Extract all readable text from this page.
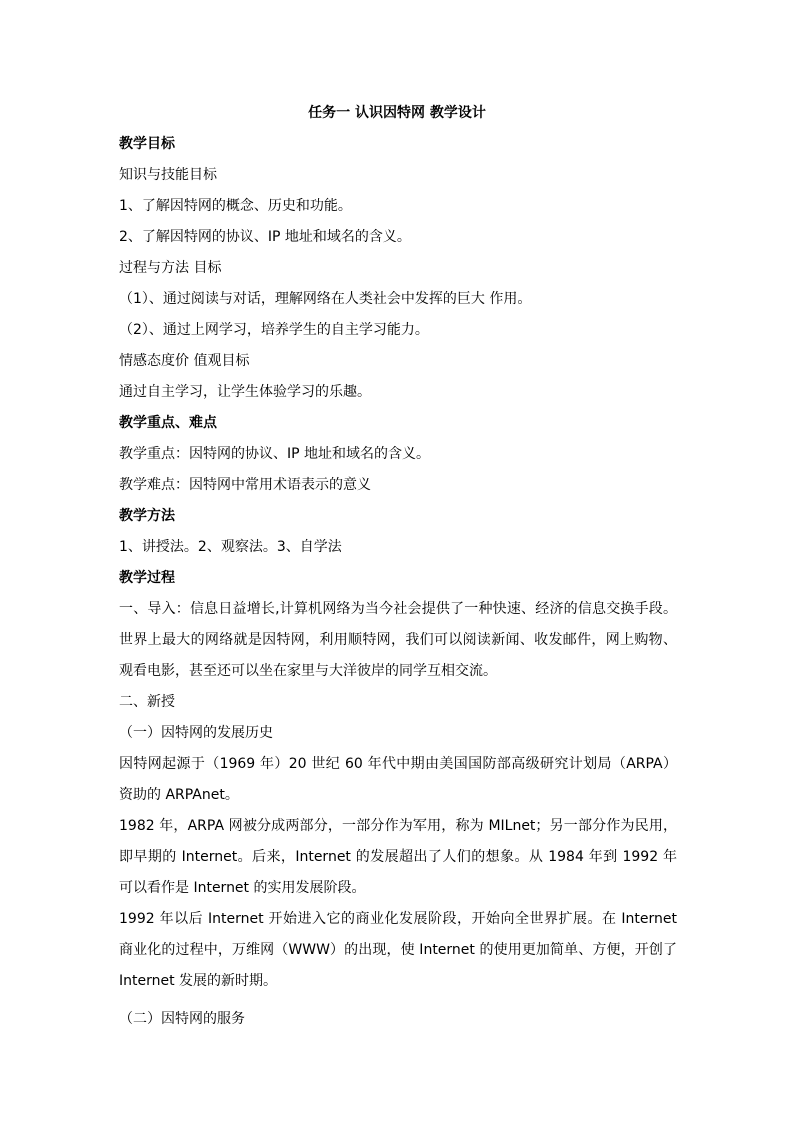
任务一 认识因特网 教学设计
教学目标
知识与技能目标
1、了解因特网的概念、历史和功能。
2、了解因特网的协议、IP 地址和域名的含义。
过程与方法 目标
（1）、通过阅读与对话，理解网络在人类社会中发挥的巨大 作用。
（2）、通过上网学习，培养学生的自主学习能力。
情感态度价 值观目标
通过自主学习，让学生体验学习的乐趣。
教学重点、难点
教学重点：因特网的协议、IP 地址和域名的含义。
教学难点：因特网中常用术语表示的意义
教学方法
1、讲授法。2、观察法。3、自学法
教学过程
一、导入：信息日益增长,计算机网络为当今社会提供了一种快速、经济的信息交换手段。世界上最大的网络就是因特网，利用顺特网，我们可以阅读新闻、收发邮件，网上购物、观看电影，甚至还可以坐在家里与大洋彼岸的同学互相交流。
二、新授
（一）因特网的发展历史
因特网起源于（1969 年）20 世纪 60 年代中期由美国国防部高级研究计划局（ARPA）资助的 ARPAnet。
1982 年，ARPA 网被分成两部分，一部分作为军用，称为 MILnet；另一部分作为民用，即早期的 Internet。后来，Internet 的发展超出了人们的想象。从 1984 年到 1992 年可以看作是 Internet 的实用发展阶段。
1992 年以后 Internet 开始进入它的商业化发展阶段，开始向全世界扩展。在 Internet 商业化的过程中，万维网（WWW）的出现，使 Internet 的使用更加简单、方便，开创了 Internet 发展的新时期。
（二）因特网的服务
